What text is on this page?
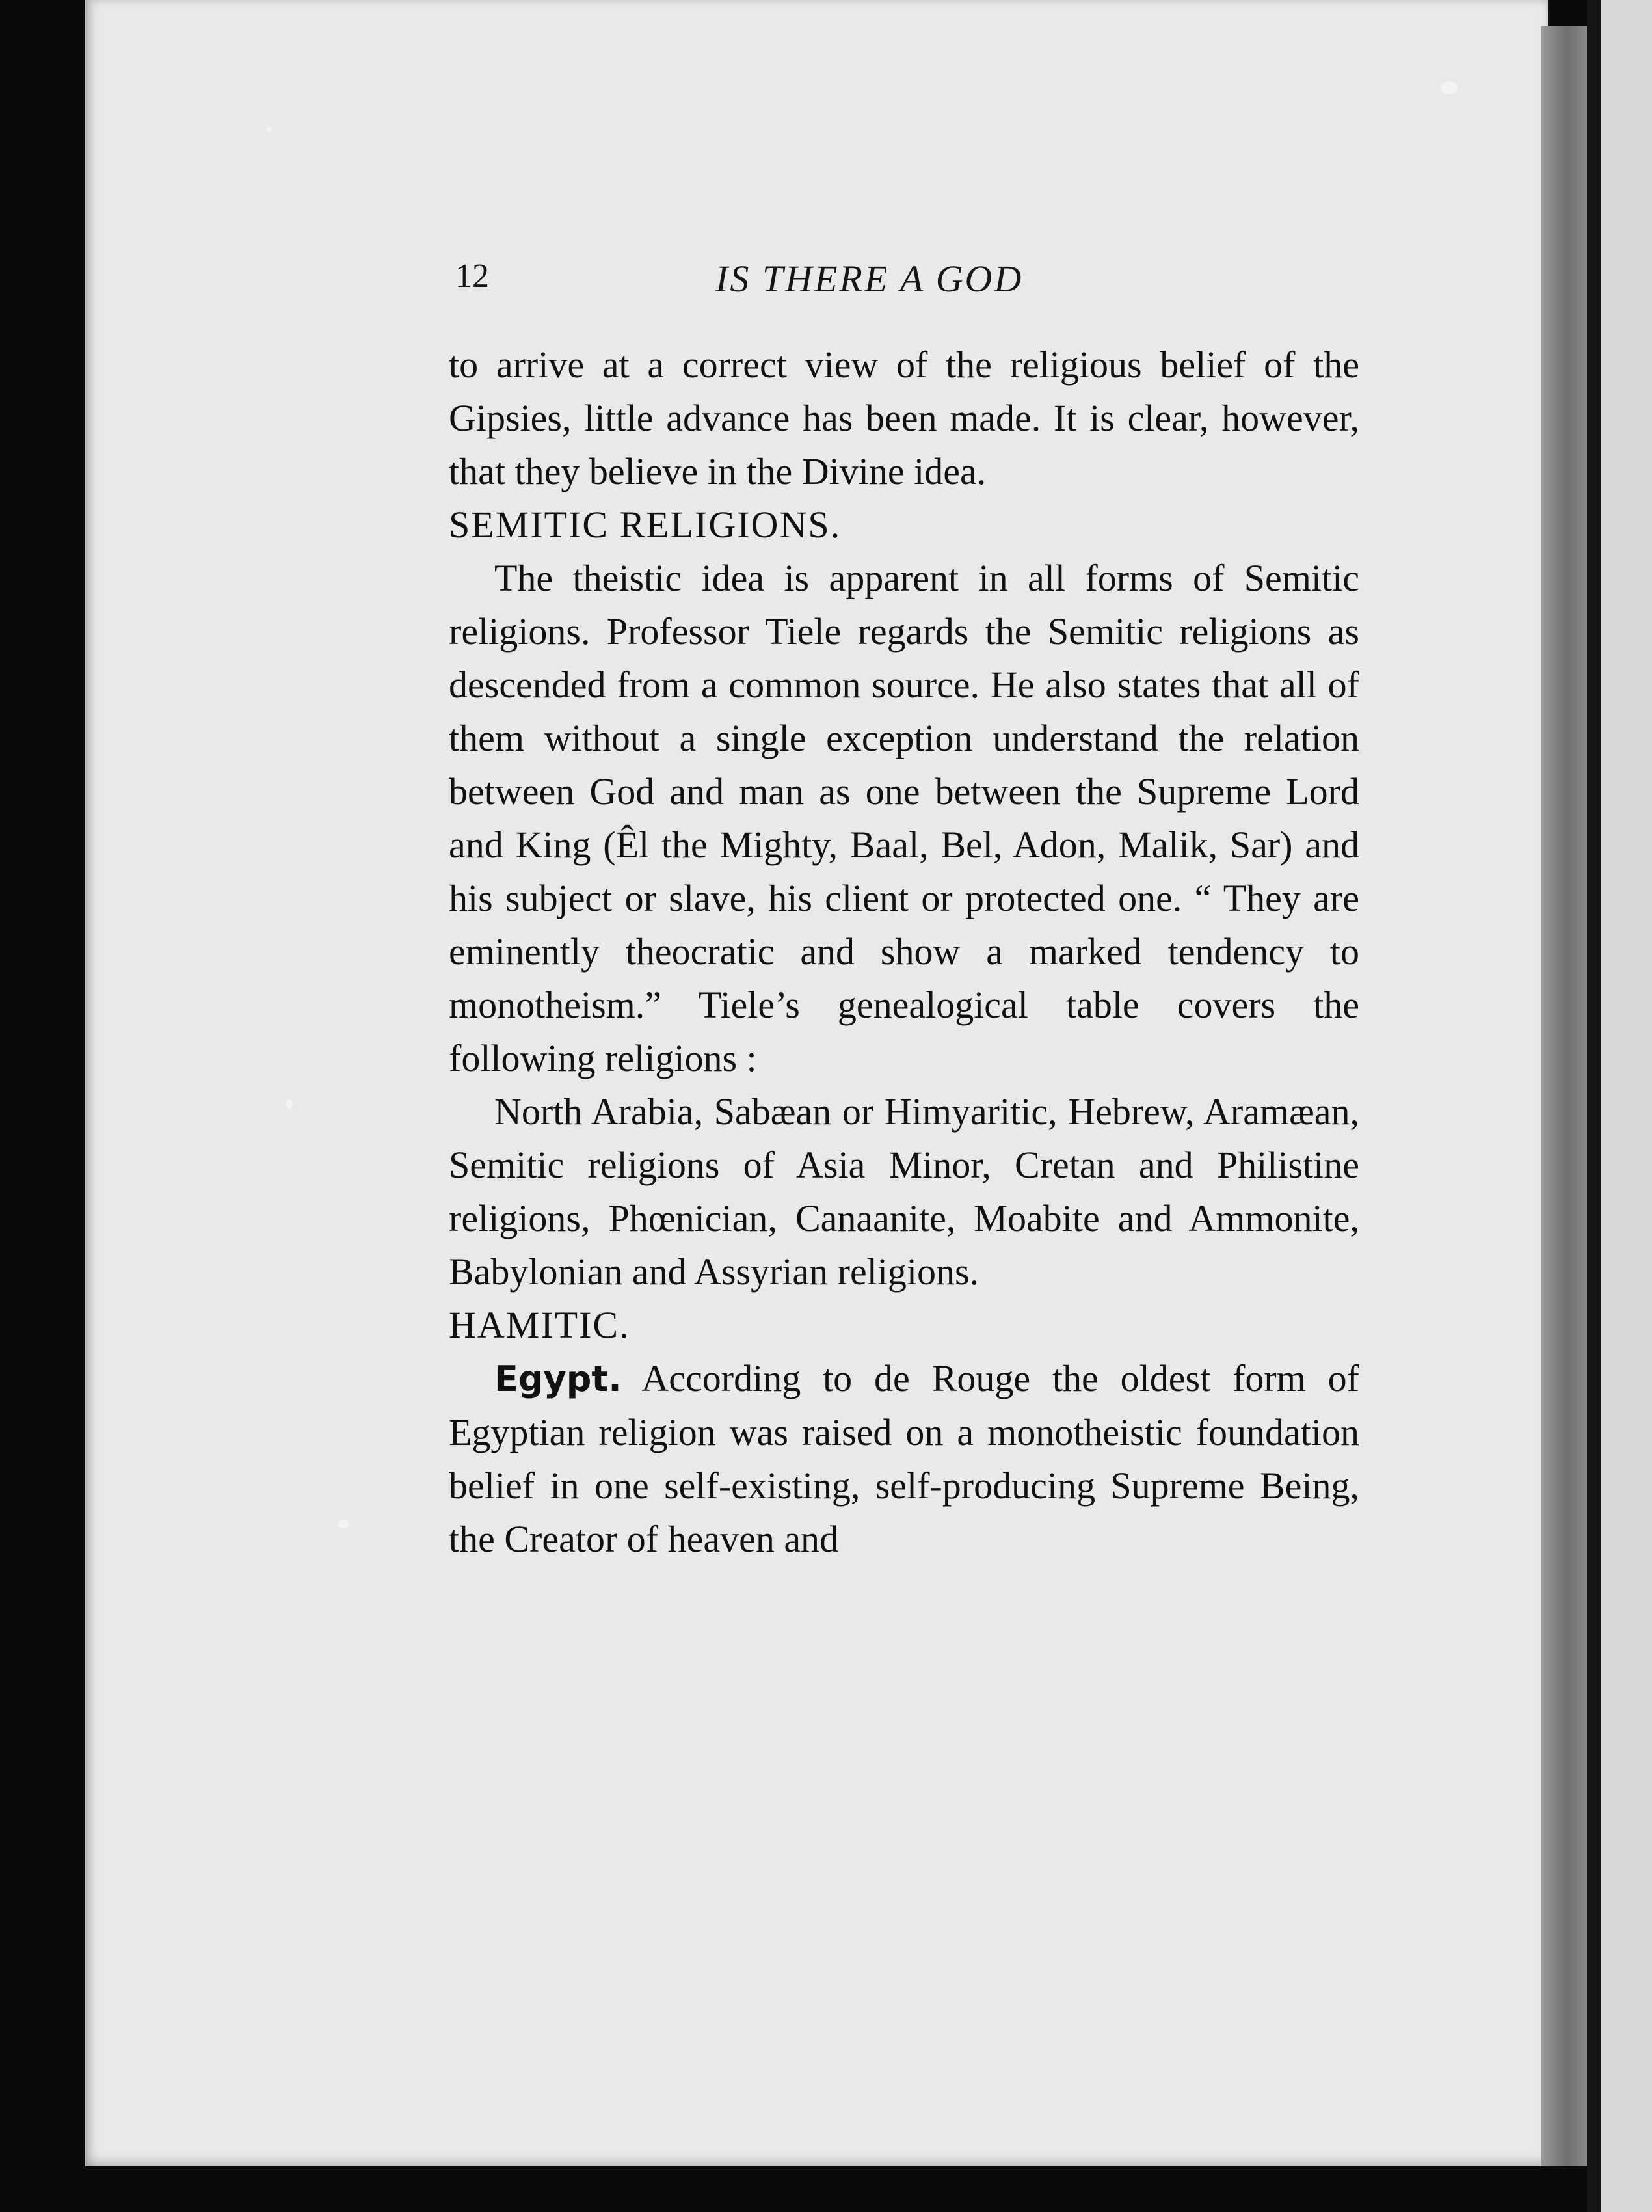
12	IS THERE A GOD

to arrive at a correct view of the religious belief of the Gipsies, little advance has been made. It is clear, however, that they believe in the Divine idea.

SEMITIC RELIGIONS.

The theistic idea is apparent in all forms of Semitic religions. Professor Tiele regards the Semitic religions as descended from a common source. He also states that all of them without a single exception understand the relation between God and man as one between the Supreme Lord and King (Êl the Mighty, Baal, Bel, Adon, Malik, Sar) and his subject or slave, his client or protected one. “ They are eminently theocratic and show a marked tendency to monotheism.” Tiele’s genealogical table covers the following religions :

North Arabia, Sabæan or Himyaritic, Hebrew, Aramæan, Semitic religions of Asia Minor, Cretan and Philistine religions, Phœnician, Canaanite, Moabite and Ammonite, Babylonian and Assyrian religions.

HAMITIC.

Egypt. According to de Rouge the oldest form of Egyptian religion was raised on a monotheistic foundation belief in one self-existing, self-producing Supreme Being, the Creator of heaven and
